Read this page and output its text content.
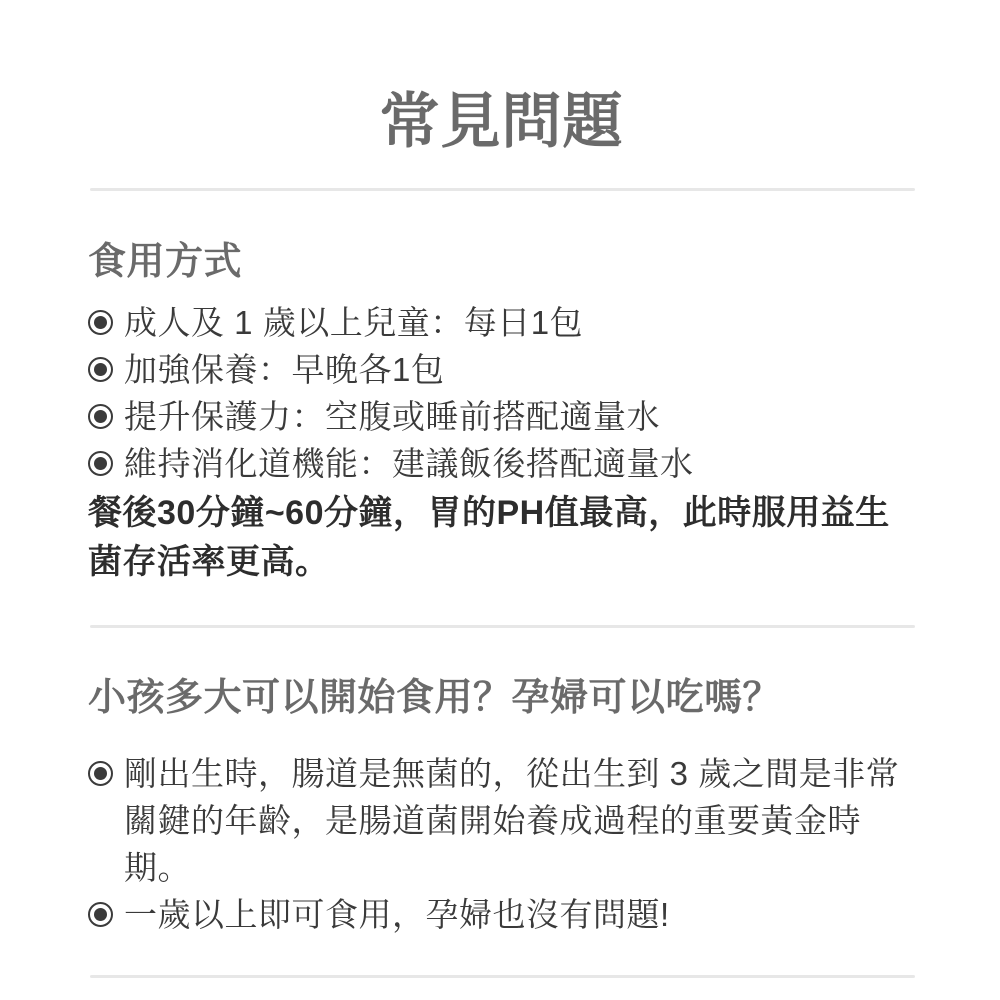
常見問題
食用方式
成人及 1 歲以上兒童：每日1包
加強保養：早晚各1包
提升保護力：空腹或睡前搭配適量水
維持消化道機能：建議飯後搭配適量水

餐後30分鐘~60分鐘，胃的PH值最高，此時服用益生菌存活率更高。

小孩多大可以開始食用？孕婦可以吃嗎？
剛出生時，腸道是無菌的，從出生到 3 歲之間是非常關鍵的年齡，是腸道菌開始養成過程的重要黃金時期。
一歲以上即可食用，孕婦也沒有問題!
